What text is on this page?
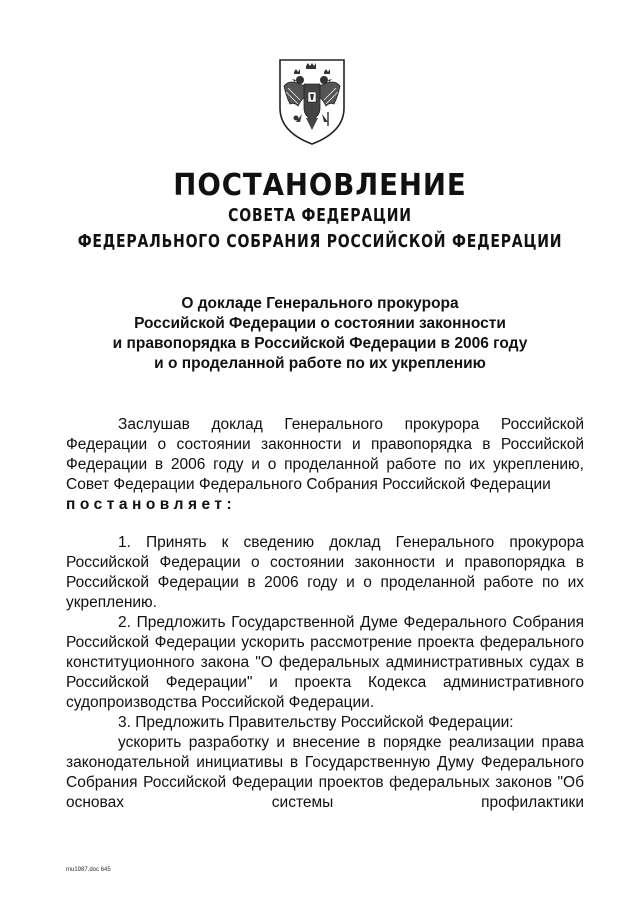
ПОСТАНОВЛЕНИЕ
СОВЕТА ФЕДЕРАЦИИ
ФЕДЕРАЛЬНОГО СОБРАНИЯ РОССИЙСКОЙ ФЕДЕРАЦИИ
О докладе Генерального прокурора
Российской Федерации о состоянии законности
и правопорядка в Российской Федерации в 2006 году
и о проделанной работе по их укреплению

Заслушав доклад Генерального прокурора Российской Федерации о состоянии законности и правопорядка в Российской Федерации в 2006 году и о проделанной работе по их укреплению, Совет Федерации Федерального Собрания Российской Федерации
постановляет:

1. Принять к сведению доклад Генерального прокурора Российской Федерации о состоянии законности и правопорядка в Российской Федерации в 2006 году и о проделанной работе по их укреплению.

2. Предложить Государственной Думе Федерального Собрания Российской Федерации ускорить рассмотрение проекта федерального конституционного закона "О федеральных административных судах в Российской Федерации" и проекта Кодекса административного судопроизводства Российской Федерации.

3. Предложить Правительству Российской Федерации:

ускорить разработку и внесение в порядке реализации права законодательной инициативы в Государственную Думу Федерального Собрания Российской Федерации проектов федеральных законов "Об основах системы профилактики

mu1987.doc 645
